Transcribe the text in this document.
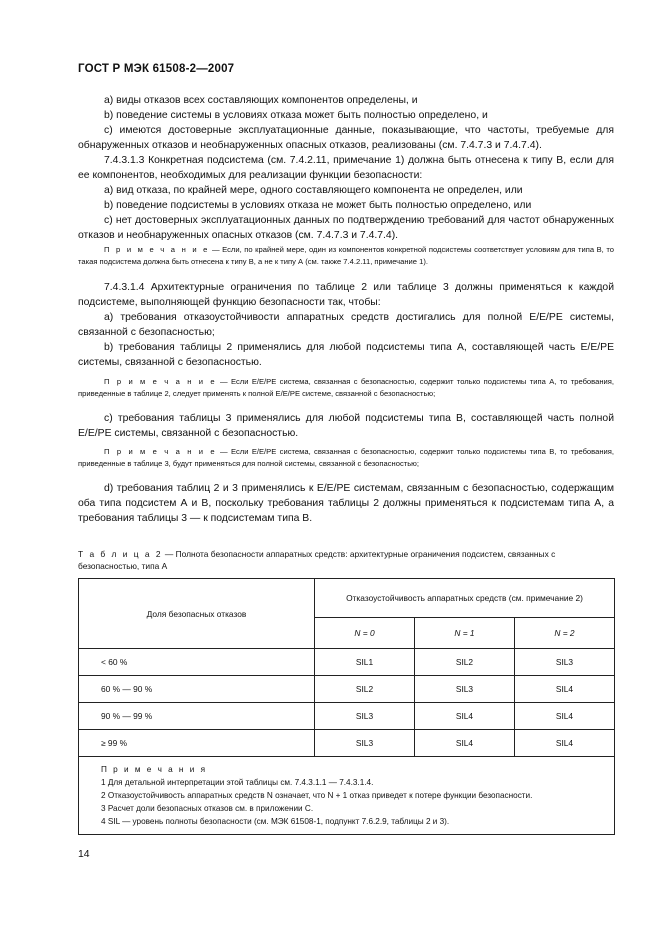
ГОСТ Р МЭК 61508-2—2007
a) виды отказов всех составляющих компонентов определены, и
b) поведение системы в условиях отказа может быть полностью определено, и
c) имеются достоверные эксплуатационные данные, показывающие, что частоты, требуемые для обнаруженных отказов и необнаруженных опасных отказов, реализованы (см. 7.4.7.3 и 7.4.7.4).
7.4.3.1.3 Конкретная подсистема (см. 7.4.2.11, примечание 1) должна быть отнесена к типу В, если для ее компонентов, необходимых для реализации функции безопасности:
a) вид отказа, по крайней мере, одного составляющего компонента не определен, или
b) поведение подсистемы в условиях отказа не может быть полностью определено, или
c) нет достоверных эксплуатационных данных по подтверждению требований для частот обнаруженных отказов и необнаруженных опасных отказов (см. 7.4.7.3 и 7.4.7.4).
П р и м е ч а н и е — Если, по крайней мере, один из компонентов конкретной подсистемы соответствует условиям для типа В, то такая подсистема должна быть отнесена к типу В, а не к типу А (см. также 7.4.2.11, примечание 1).
7.4.3.1.4 Архитектурные ограничения по таблице 2 или таблице 3 должны применяться к каждой подсистеме, выполняющей функцию безопасности так, чтобы:
a) требования отказоустойчивости аппаратных средств достигались для полной E/E/PE системы, связанной с безопасностью;
b) требования таблицы 2 применялись для любой подсистемы типа А, составляющей часть E/E/PE системы, связанной с безопасностью.
П р и м е ч а н и е — Если E/E/PE система, связанная с безопасностью, содержит только подсистемы типа А, то требования, приведенные в таблице 2, следует применять к полной E/E/PE системе, связанной с безопасностью;
c) требования таблицы 3 применялись для любой подсистемы типа В, составляющей часть полной E/E/PE системы, связанной с безопасностью.
П р и м е ч а н и е — Если E/E/PE система, связанная с безопасностью, содержит только подсистемы типа В, то требования, приведенные в таблице 3, будут применяться для полной системы, связанной с безопасностью;
d) требования таблиц 2 и 3 применялись к E/E/PE системам, связанным с безопасностью, содержащим оба типа подсистем А и В, поскольку требования таблицы 2 должны применяться к подсистемам типа А, а требования таблицы 3 — к подсистемам типа В.
Т а б л и ц а 2 — Полнота безопасности аппаратных средств: архитектурные ограничения подсистем, связанных с безопасностью, типа А
Доля безопасных отказов	Отказоустойчивость аппаратных средств (см. примечание 2)		
	N = 0	N = 1	N = 2
< 60 %	SIL1	SIL2	SIL3
60 % — 90 %	SIL2	SIL3	SIL4
90 % — 99 %	SIL3	SIL4	SIL4
≥ 99 %	SIL3	SIL4	SIL4

П р и м е ч а н и я
1 Для детальной интерпретации этой таблицы см. 7.4.3.1.1 — 7.4.3.1.4.
2 Отказоустойчивость аппаратных средств N означает, что N + 1 отказ приведет к потере функции безопасности.
3 Расчет доли безопасных отказов см. в приложении С.
4 SIL — уровень полноты безопасности (см. МЭК 61508-1, подпункт 7.6.2.9, таблицы 2 и 3).			
14
